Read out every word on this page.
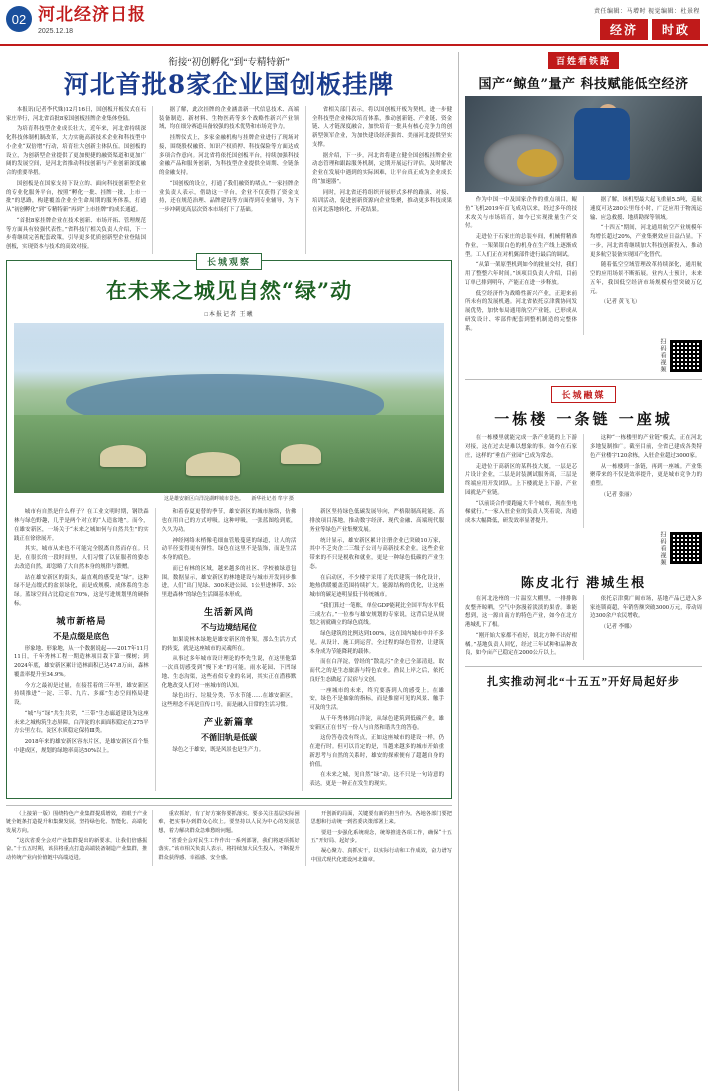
02 河北经济日报
2025.12.18
责任编辑：马增时 视觉编辑：杜景程
经济	时政
衔接“初创孵化”到“专精特新”
河北首批8家企业国创板挂牌

本报讯(记者李代姝)12月16日，国创板开板仪式在石家庄举行，河北省首批8家国创板挂牌企业集体登陆。

为培育科技型企业成长壮大，近年来，河北省持续深化科技体制机制改革，大力实施高新技术企业和科技型中小企业“双倍增”行动，培育壮大创新主体队伍。国创板的设立，为创新型企业提供了更加便捷的融资渠道和更加广阔的发展空间，是河北省推动科技创新与产业创新深度融合的重要举措。

国创板是在国家支持下设立的、面向科技创新型企业的专业化服务平台，按照“孵化一批、挂牌一批、上市一批”的思路，构建覆盖企业全生命周期的服务体系，打通从“初创孵化”到“专精特新”再到“上市挂牌”的成长通道。

“首批8家挂牌企业在技术创新、市场开拓、管理规范等方面具有较强代表性。”省科技厅相关负责人介绍，下一步将继续完善配套政策，引导更多优质创新型企业登陆国创板，实现资本与技术的高效对接。

据了解，此次挂牌的企业涵盖新一代信息技术、高端装备制造、新材料、生物医药等多个战略性新兴产业领域，均在细分赛道具备较强的技术优势和市场竞争力。

挂牌仪式上，多家金融机构与挂牌企业进行了现场对接，围绕股权融资、知识产权质押、科技保险等方面达成多项合作意向。河北省将依托国创板平台，持续加强科技金融产品和服务创新，为科技型企业提供全周期、全链条的金融支持。

“国创板的设立，打通了我们融资的堵点。”一家挂牌企业负责人表示，借助这一平台，企业不仅获得了资金支持，还在规范治理、品牌建设等方面得到专业辅导，为下一步冲刺更高层次资本市场打下了基础。

省相关部门表示，将以国创板开板为契机，进一步健全科技型企业梯次培育体系，推动创新链、产业链、资金链、人才链深度融合，加快培育一批具有核心竞争力的创新型领军企业，为加快建设经济强省、美丽河北提供坚实支撑。

据介绍，下一步，河北省将建立健全国创板挂牌企业动态管理和跟踪服务机制，定期开展运行评估，及时解决企业在发展中遇到的实际困难，让平台真正成为企业成长的“加速器”。

同时，河北省还将组织开展形式多样的路演、对接、培训活动，促进创新资源向企业集聚，推动更多科技成果在河北落地转化、开花结果。

长城观察
在未来之城见自然“绿”动
□本报记者 王曦
这是雄安新区白洋淀湖畔城市景色。　　新华社记者 牟宇 摄

城市有自然是什么样子？在工业文明时期，钢铁森林与绿色野趣，几乎是两个对立的“人造盆地”。而今，在雄安新区，一场关于“未来之城如何与自然共生”的实践正在徐徐展开。

其实，城市从来也不可能完全脱离自然而存在。只是，在很长的一段时间里，人们习惯了以征服者的姿态去改造自然，却忽略了大自然本身的规律与馈赠。

站在雄安新区的街头，最直观的感受是“绿”。这种绿不是点缀式的盆景绿化，而是成规模、成体系的生态绿。蓝绿空间占比稳定在70%，这是写进规划里的硬指标。

城市新格局
不是点缀是底色

形象地、形象地，从一个数据说起——2017年11月11日，千年秀林工程一期造林项目栽下第一棵树；到2024年底，雄安新区累计造林面积已达47.8万亩，森林覆盖率提升至34.9%。

今方之最初是过量，在接茬着的三年里，雄安新区持续推进“一淀、三带、九片、多廊”生态空间格局建设。

“城”与“绿”共生共荣，“三带”生态廊道建设为这座未来之城构筑生态屏障，白洋淀的水面面积稳定在275平方公里左右，淀区水质稳定保持Ⅲ类。

2018年来的雄安新区容东片区，是雄安新区首个集中建成区，规划的绿地率高达50%以上。

和着春夏更替的季节，雄安新区的城市脉络，仿佛也在用自己的方式呼吸。这种呼吸，一张蓝图绘到底，久久为功。

神经网络末梢像毛细血管般蔓延的绿道，让人的活动半径变得更有弹性。绿色在这里不是装饰，而是生活本身的底色。

而已有林的区域，越来越多的社区、学校被绿意包围。数据显示，雄安新区的林地建设与城市开发同步推进，人们“出门见绿、300米进公园、1公里进林带、3公里进森林”的绿色生活圈基本形成。

生活新风尚
不与边境结尾位

如果说林木绿地是雄安新区的骨架，那么生活方式的转变，就是这座城市的灵魂所在。

从事过多年城市设计理论的李先生说，在这里他第一次真切感受到“慢下来”的可能。雨水花园、下凹绿地、生态沟渠，这些看似专业的名词，其实正在潜移默化地改变人们对一座城市的认知。

绿色出行、垃圾分类、节水节能……在雄安新区，这些理念不再是宣传口号，而是融入日常的生活习惯。

产业新篇章
不循旧轨是低碳

绿色之于雄安，既是风景也是生产力。

新区坚持绿色低碳发展导向，严格限制高耗能、高排放项目落地，推动数字经济、现代金融、高端现代服务业等绿色产业集聚发展。

统计显示，雄安新区累计注册企业已突破10万家，其中不乏央企二三级子公司与高新技术企业。这些企业带来的不只是税收和就业，更是一种绿色低碳的产业生态。

在启动区，不少楼宇采用了光伏建筑一体化设计，地热供暖覆盖范围持续扩大。能源结构的优化，让这座城市的碳足迹明显低于传统城市。

“我们算过一笔账，单位GDP能耗比全国平均水平低三成左右。”一位参与雄安规划的专家说，这背后是从规划之初就确立的绿色底线。

绿色建筑的比例达到100%，这在国内城市中并不多见。从设计、施工到运营，全过程的绿色管控，让建筑本身成为节能降耗的载体。

而在白洋淀，曾经的“散乱污”企业已全部清退，取而代之的是生态旅游与特色农业。渔民上岸之后，依托良好生态做起了民宿与文创。

一座城市的未来，终究要落到人的感受上。在雄安，绿色不是抽象的指标，而是推窗可见的风景、触手可及的生活。

从千年秀林到白洋淀，从绿色建筑到低碳产业，雄安新区正在书写一份人与自然和谐共生的答卷。

这份答卷没有终点，正如这座城市的建设一样，仍在进行时。但可以肯定的是，当越来越多的城市开始重新思考与自然的关系时，雄安的探索便有了超越自身的价值。

在未来之城，见自然“绿”动。这不只是一句诗意的表达，更是一种正在发生的现实。

（上接第一版）围绕特色产业集群提质增效，着眼于产业链全链条打造提升和集聚发展，坚持绿色化、智能化、高端化发展方向。

“这次省委全会对产业集群提出的新要求，让我们倍感振奋。”十五五时期，该县将重点打造高端装备制造产业集群，推动传统产业向价值链中高端迈进。

重农抓好，有了好方案你要抓落实。要多关注基层实际困难，把实事办到群众心坎上。要坚持以人民为中心的发展思想，着力解决群众急难愁盼问题。

“省委全会对民生工作作出一系列部署，我们将逐项抓好落实。”该市相关负责人表示，将持续加大民生投入，不断提升群众获得感、幸福感、安全感。

开创新的局面，关键要有新的担当作为。各地各部门要把思想和行动统一到省委决策部署上来。

要进一步强化系统观念，统筹推进各项工作，确保“十五五”开好局、起好步。

凝心聚力、真抓实干，以实际行动和工作成效，奋力谱写中国式现代化建设河北篇章。

百姓看铁路
国产“鲸鱼”量产 科技赋能低空经济

作为中国一中及国家企作的重点项目，鲲鱼“飞机2019年首飞成功以来，经过多年的技术攻关与市场培育，如今已实现批量生产交付。

走进位于石家庄的总装车间，机械臂精准作业，一架架银白色的机身在生产线上逐渐成型。工人们正在对机翼部件进行最后的调试。

“从第一架原型机到如今的批量交付，我们用了整整六年时间。”该项目负责人介绍，目前订单已排到明年，产能正在进一步释放。

低空经济作为战略性新兴产业，正迎来前所未有的发展机遇。河北省依托京津冀协同发展优势，加快布局通用航空产业链，已形成从研发设计、零部件配套到整机制造的完整体系。

据了解，该机型最大起飞重量5.5吨，巡航速度可达280公里每小时，广泛应用于物流运输、应急救援、地质勘探等领域。

“十四五”期间，河北通用航空产业规模年均增长超过20%，产业集聚效应日益凸显。下一步，河北省将继续加大科技创新投入，推动更多航空装备实现国产化替代。

随着低空空域管理改革持续深化，通用航空的应用场景不断拓展。业内人士预计，未来五年，我国低空经济市场规模有望突破万亿元。

（记者 黄飞飞）

扫码看视频
长城融媒
一栋楼 一条链 一座城

在一栋楼里就能完成一条产业链的上下游对接，这在过去是难以想象的事。如今在石家庄，这样的“垂直产业园”已成为常态。

走进位于高新区的某科技大厦，一层是芯片设计企业，二层是封装测试服务商，三层是终端应用开发团队。上下楼就是上下游，产业园就是产业链。

“以前谈合作要跑遍大半个城市，现在坐电梯就行。”一家入驻企业的负责人笑着说，沟通成本大幅降低，研发效率显著提升。

这种“一栋楼里的产业链”模式，正在河北多地复制推广。截至目前，全省已建成各类特色产业楼宇120余栋，入驻企业超过3000家。

从一栋楼到一条链，再到一座城。产业集聚带来的不仅是效率提升，更是城市竞争力的重塑。

（记者 张丽）

扫码看视频
陈皮北行 港城生根

在河北沧州的一片温室大棚里，一排排陈皮整齐晾晒，空气中弥漫着淡淡的果香。谁能想到，这一源自南方的特色产业，如今在北方港城扎下了根。

“刚开始大家都不看好，说北方种不出好柑橘。”基地负责人回忆，经过三年试种和品种改良，如今亩产已稳定在2000公斤以上。

依托京津冀广阔市场，基地产品已进入多家连锁商超，年销售额突破3000万元，带动周边300余户农民增收。

（记者 李娜）

扎实推动河北“十五五”开好局起好步
